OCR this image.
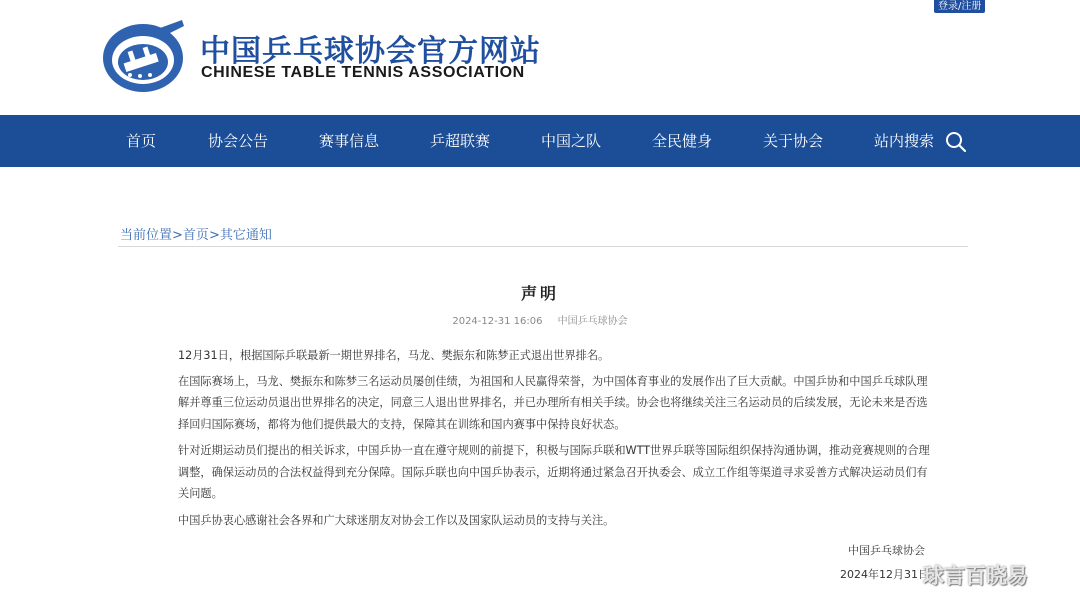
中国乒乓球协会官方网站
CHINESE TABLE TENNIS ASSOCIATION
登录/注册
首页	协会公告	赛事信息	乒超联赛	中国之队	全民健身	关于协会	站内搜索
当前位置>首页>其它通知
声明
2024-12-31 16:06 中国乒乓球协会

12月31日，根据国际乒联最新一期世界排名，马龙、樊振东和陈梦正式退出世界排名。

在国际赛场上，马龙、樊振东和陈梦三名运动员屡创佳绩，为祖国和人民赢得荣誉，为中国体育事业的发展作出了巨大贡献。中国乒协和中国乒乓球队理解并尊重三位运动员退出世界排名的决定，同意三人退出世界排名，并已办理所有相关手续。协会也将继续关注三名运动员的后续发展，无论未来是否选择回归国际赛场，都将为他们提供最大的支持，保障其在训练和国内赛事中保持良好状态。

针对近期运动员们提出的相关诉求，中国乒协一直在遵守规则的前提下，积极与国际乒联和WTT世界乒联等国际组织保持沟通协调，推动竞赛规则的合理调整，确保运动员的合法权益得到充分保障。国际乒联也向中国乒协表示，近期将通过紧急召开执委会、成立工作组等渠道寻求妥善方式解决运动员们有关问题。

中国乒协衷心感谢社会各界和广大球迷朋友对协会工作以及国家队运动员的支持与关注。

中国乒乓球协会
2024年12月31日
球言百晓易
